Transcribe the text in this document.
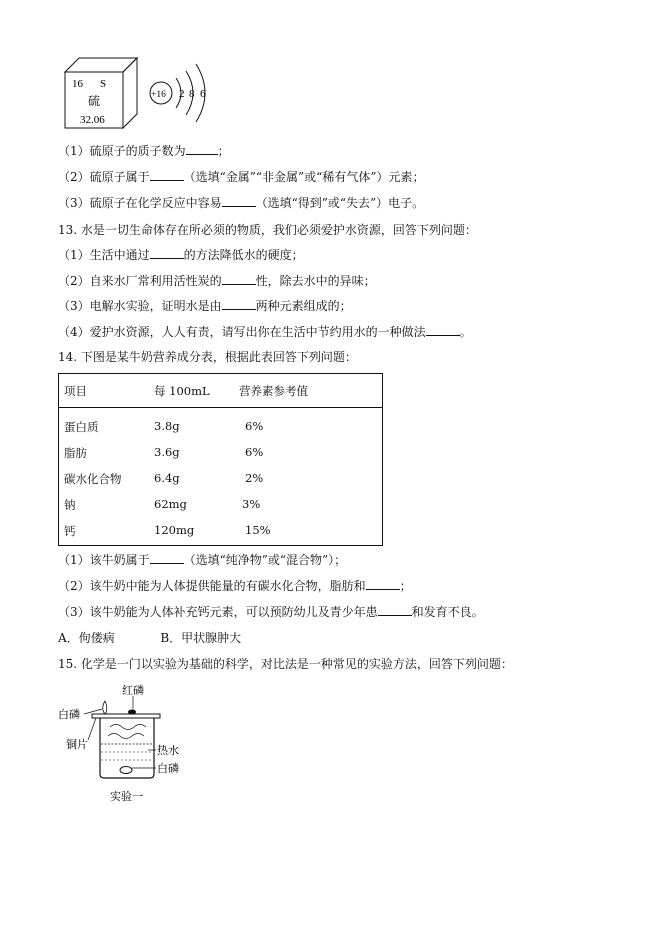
16 S
硫
32.06
+16 2 8 6
（1）硫原子的质子数为	；
（2）硫原子属于	（选填“金属”“非金属”或“稀有气体”）元素；
（3）硫原子在化学反应中容易	（选填“得到”或“失去”）电子。
13. 水是一切生命体存在所必须的物质，我们必须爱护水资源，回答下列问题：
（1）生活中通过	的方法降低水的硬度；
（2）自来水厂常利用活性炭的	性，除去水中的异味；
（3）电解水实验，证明水是由	两种元素组成的；
（4）爱护水资源，人人有责，请写出你在生活中节约用水的一种做法	。
14. 下图是某牛奶营养成分表，根据此表回答下列问题：
项目	每 100mL	营养素参考值
蛋白质	3.8g	6%
脂肪	3.6g	6%
碳水化合物	6.4g	2%
钠	62mg	3%
钙	120mg	15%
（1）该牛奶属于	（选填“纯净物”或“混合物”）；
（2）该牛奶中能为人体提供能量的有碳水化合物，脂肪和	；
（3）该牛奶能为人体补充钙元素，可以预防幼儿及青少年患	和发育不良。
A．佝偻病	B．甲状腺肿大
15. 化学是一门以实验为基础的科学，对比法是一种常见的实验方法，回答下列问题：
红磷
白磷
铜片	热水
白磷
实验一
